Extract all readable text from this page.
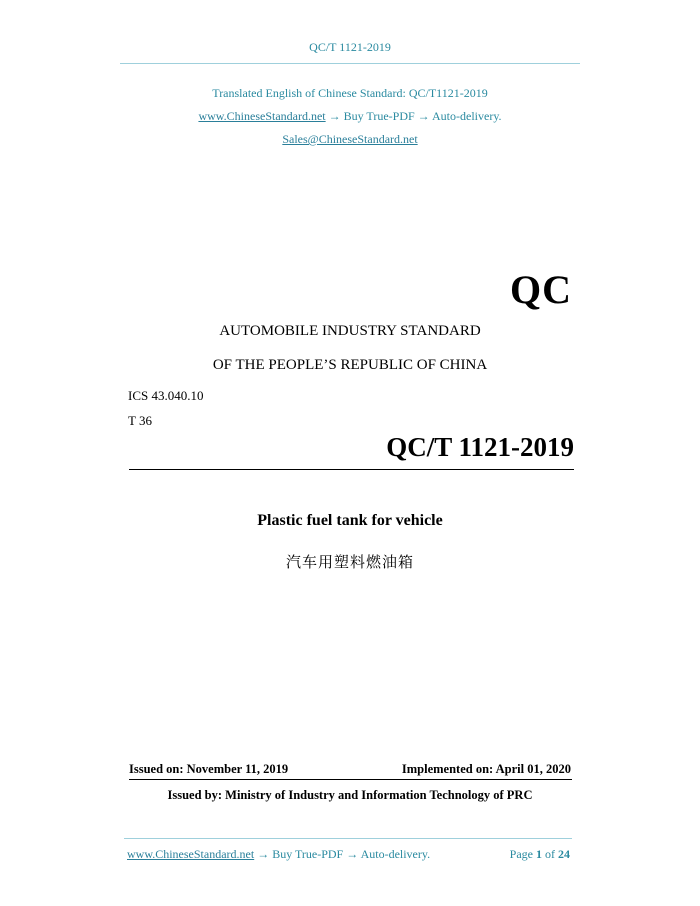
QC/T 1121-2019
Translated English of Chinese Standard: QC/T1121-2019
www.ChineseStandard.net → Buy True-PDF → Auto-delivery.
Sales@ChineseStandard.net
QC
AUTOMOBILE INDUSTRY STANDARD
OF THE PEOPLE’S REPUBLIC OF CHINA
ICS 43.040.10
T 36
QC/T 1121-2019
Plastic fuel tank for vehicle
汽车用塑料燃油箱
Issued on: November 11, 2019	Implemented on: April 01, 2020
Issued by: Ministry of Industry and Information Technology of PRC
www.ChineseStandard.net → Buy True-PDF → Auto-delivery.	Page 1 of 24
